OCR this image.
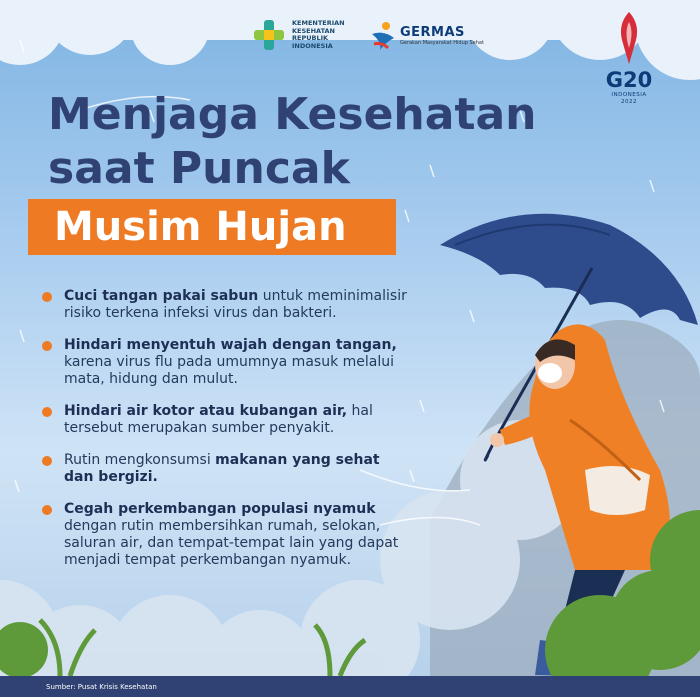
KEMENTERIAN KESEHATAN REPUBLIK INDONESIA
GERMAS
Gerakan Masyarakat Hidup Sehat
G20
INDONESIA 2022
Menjaga Kesehatan
saat Puncak
Musim Hujan
Cuci tangan pakai sabun untuk meminimalisir risiko terkena infeksi virus dan bakteri.
Hindari menyentuh wajah dengan tangan, karena virus flu pada umumnya masuk melalui mata, hidung dan mulut.
Hindari air kotor atau kubangan air, hal tersebut merupakan sumber penyakit.
Rutin mengkonsumsi makanan yang sehat dan bergizi.
Cegah perkembangan populasi nyamuk dengan rutin membersihkan rumah, selokan, saluran air, dan tempat-tempat lain yang dapat menjadi tempat perkembangan nyamuk.
Sumber: Pusat Krisis Kesehatan
